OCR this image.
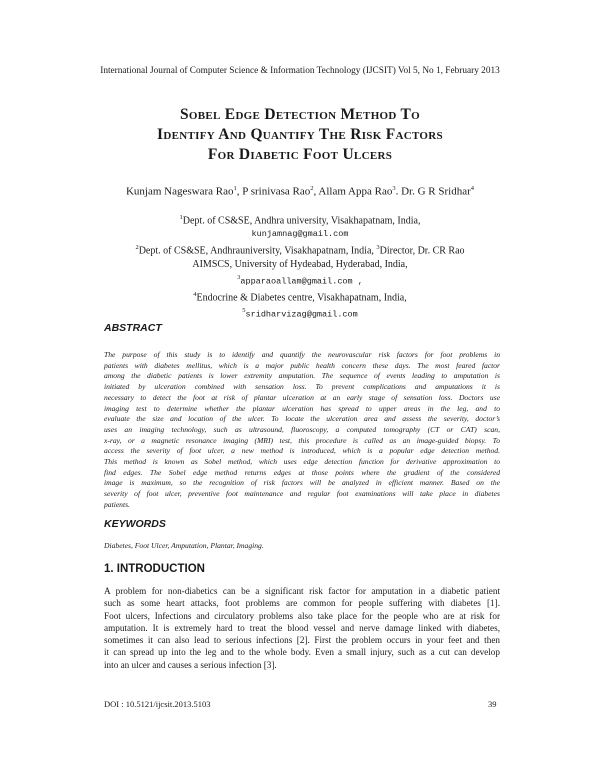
International Journal of Computer Science & Information Technology (IJCSIT) Vol 5, No 1, February 2013
Sobel Edge Detection Method To
Identify And Quantify The Risk Factors
For Diabetic Foot Ulcers
Kunjam Nageswara Rao$^1$, P srinivasa Rao$^2$, Allam Appa Rao$^3$. Dr. G R Sridhar$^4$
$^1$Dept. of CS&SE, Andhra university, Visakhapatnam, India,
kunjamnag@gmail.com
$^2$Dept. of CS&SE, Andhrauniversity, Visakhapatnam, India, $^3$Director, Dr. CR Rao
AIMSCS, University of Hydeabad, Hyderabad, India,
$^3$apparaoallam@gmail.com ,
$^4$Endocrine & Diabetes centre, Visakhapatnam, India,
$^5$sridharvizag@gmail.com
ABSTRACT
The purpose of this study is to identify and quantify the neurovascular risk factors for foot problems in
patients with diabetes mellitus, which is a major public health concern these days. The most feared factor
among the diabetic patients is lower extremity amputation. The sequence of events leading to amputation is
initiated by ulceration combined with sensation loss. To prevent complications and amputations it is
necessary to detect the foot at risk of plantar ulceration at an early stage of sensation loss. Doctors use
imaging test to determine whether the plantar ulceration has spread to upper areas in the leg, and to
evaluate the size and location of the ulcer. To locate the ulceration area and assess the severity, doctor’s
uses an imaging technology, such as ultrasound, fluoroscopy, a computed tomography (CT or CAT) scan,
x-ray, or a magnetic resonance imaging (MRI) test, this procedure is called as an image-guided biopsy. To
access the severity of foot ulcer, a new method is introduced, which is a popular edge detection method.
This method is known as Sobel method, which uses edge detection function for derivative approximation to
find edges. The Sobel edge method returns edges at those points where the gradient of the considered
image is maximum, so the recognition of risk factors will be analyzed in efficient manner. Based on the
severity of foot ulcer, preventive foot maintenance and regular foot examinations will take place in diabetes
patients.
KEYWORDS
Diabetes, Foot Ulcer, Amputation, Plantar, Imaging.
1. INTRODUCTION
A problem for non-diabetics can be a significant risk factor for amputation in a diabetic patient
such as some heart attacks, foot problems are common for people suffering with diabetes [1].
Foot ulcers, Infections and circulatory problems also take place for the people who are at risk for
amputation. It is extremely hard to treat the blood vessel and nerve damage linked with diabetes,
sometimes it can also lead to serious infections [2]. First the problem occurs in your feet and then
it can spread up into the leg and to the whole body. Even a small injury, such as a cut can develop
into an ulcer and causes a serious infection [3].
DOI : 10.5121/ijcsit.2013.5103	39
